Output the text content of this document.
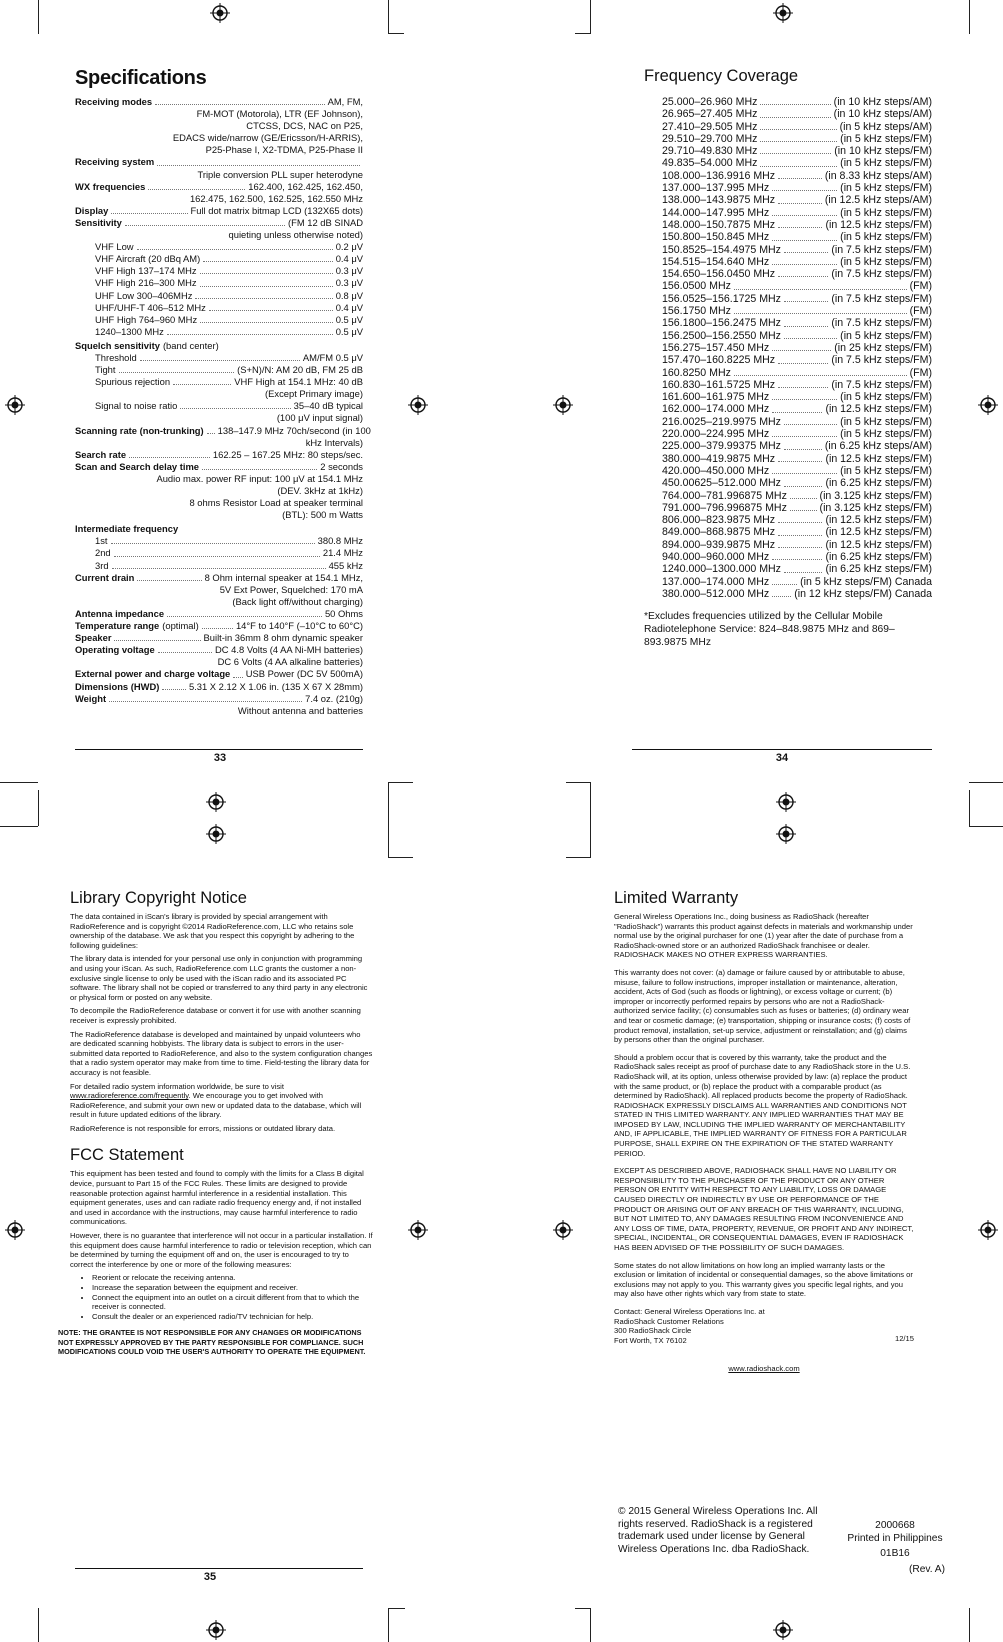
Specifications
Receiving modes	AM, FM,
FM-MOT (Motorola), LTR (EF Johnson),
CTCSS, DCS, NAC on P25,
EDACS wide/narrow (GE/Ericsson/H-ARRIS),
P25-Phase I, X2-TDMA, P25-Phase II
Receiving system
Triple conversion PLL super heterodyne
WX frequencies	162.400, 162.425, 162.450,
162.475, 162.500, 162.525, 162.550 MHz
Display	Full dot matrix bitmap LCD (132X65 dots)
Sensitivity	(FM 12 dB SINAD
quieting unless otherwise noted)
VHF Low	0.2 μV
VHF Aircraft (20 dBq AM)	0.4 μV
VHF High 137–174 MHz	0.3 μV
VHF High 216–300 MHz	0.3 μV
UHF Low 300–406MHz	0.8 μV
UHF/UHF-T 406–512 MHz	0.4 μV
UHF High 764–960 MHz	0.5 μV
1240–1300 MHz	0.5 μV
Squelch sensitivity (band center)
Threshold	AM/FM 0.5 μV
Tight	(S+N)/N: AM 20 dB, FM 25 dB
Spurious rejection	VHF High at 154.1 MHz: 40 dB
(Except Primary image)
Signal to noise ratio	35–40 dB typical
(100 μV input signal)
Scanning rate (non-trunking) 138–147.9 MHz 70ch/second (in 100
kHz Intervals)
Search rate	162.25 – 167.25 MHz: 80 steps/sec.
Scan and Search delay time	2 seconds
Audio max. power RF input: 100 μV at 154.1 MHz
(DEV. 3kHz at 1kHz)
8 ohms Resistor Load at speaker terminal
(BTL): 500 m Watts
Intermediate frequency
1st	380.8 MHz
2nd	21.4 MHz
3rd	455 kHz
Current drain	8 Ohm internal speaker at 154.1 MHz,
5V Ext Power, Squelched: 170 mA
(Back light off/without charging)
Antenna impedance	50 Ohms
Temperature range (optimal)	14°F to 140°F (–10°C to 60°C)
Speaker	Built-in 36mm 8 ohm dynamic speaker
Operating voltage	DC 4.8 Volts (4 AA Ni-MH batteries)
DC 6 Volts (4 AA alkaline batteries)
External power and charge voltage USB Power (DC 5V 500mA)
Dimensions (HWD)	5.31 X 2.12 X 1.06 in. (135 X 67 X 28mm)
Weight	7.4 oz. (210g)
Without antenna and batteries
33
Frequency Coverage
25.000–26.960 MHz	(in 10 kHz steps/AM)
26.965–27.405 MHz	(in 10 kHz steps/AM)
27.410–29.505 MHz	(in 5 kHz steps/AM)
29.510–29.700 MHz	(in 5 kHz steps/FM)
29.710–49.830 MHz	(in 10 kHz steps/FM)
49.835–54.000 MHz	(in 5 kHz steps/FM)
108.000–136.9916 MHz	(in 8.33 kHz steps/AM)
137.000–137.995 MHz	(in 5 kHz steps/FM)
138.000–143.9875 MHz	(in 12.5 kHz steps/AM)
144.000–147.995 MHz	(in 5 kHz steps/FM)
148.000–150.7875 MHz	(in 12.5 kHz steps/FM)
150.800–150.845 MHz	(in 5 kHz steps/FM)
150.8525–154.4975 MHz	(in 7.5 kHz steps/FM)
154.515–154.640 MHz	(in 5 kHz steps/FM)
154.650–156.0450 MHz	(in 7.5 kHz steps/FM)
156.0500 MHz	(FM)
156.0525–156.1725 MHz	(in 7.5 kHz steps/FM)
156.1750 MHz	(FM)
156.1800–156.2475 MHz	(in 7.5 kHz steps/FM)
156.2500–156.2550 MHz	(in 5 kHz steps/FM)
156.275–157.450 MHz	(in 25 kHz steps/FM)
157.470–160.8225 MHz	(in 7.5 kHz steps/FM)
160.8250 MHz	(FM)
160.830–161.5725 MHz	(in 7.5 kHz steps/FM)
161.600–161.975 MHz	(in 5 kHz steps/FM)
162.000–174.000 MHz	(in 12.5 kHz steps/FM)
216.0025–219.9975 MHz	(in 5 kHz steps/FM)
220.000–224.995 MHz	(in 5 kHz steps/FM)
225.000–379.99375 MHz	(in 6.25 kHz steps/AM)
380.000–419.9875 MHz	(in 12.5 kHz steps/FM)
420.000–450.000 MHz	(in 5 kHz steps/FM)
450.00625–512.000 MHz	(in 6.25 kHz steps/FM)
764.000–781.996875 MHz	(in 3.125 kHz steps/FM)
791.000–796.996875 MHz	(in 3.125 kHz steps/FM)
806.000–823.9875 MHz	(in 12.5 kHz steps/FM)
849.000–868.9875 MHz	(in 12.5 kHz steps/FM)
894.000–939.9875 MHz	(in 12.5 kHz steps/FM)
940.000–960.000 MHz	(in 6.25 kHz steps/FM)
1240.000–1300.000 MHz	(in 6.25 kHz steps/FM)
137.000–174.000 MHz	(in 5 kHz steps/FM) Canada
380.000–512.000 MHz (in 12 kHz steps/FM) Canada
*Excludes frequencies utilized by the Cellular Mobile Radiotelephone Service: 824–848.9875 MHz and 869–893.9875 MHz
34
Library Copyright Notice

The data contained in iScan's library is provided by special arrangement with RadioReference and is copyright ©2014 RadioReference.com, LLC who retains sole ownership of the database. We ask that you respect this copyright by adhering to the following guidelines:

The library data is intended for your personal use only in conjunction with programming and using your iScan. As such, RadioReference.com LLC grants the customer a non-exclusive single license to only be used with the iScan radio and its associated PC software. The library shall not be copied or transferred to any third party in any electronic or physical form or posted on any website.

To decompile the RadioReference database or convert it for use with another scanning receiver is expressly prohibited.

The RadioReference database is developed and maintained by unpaid volunteers who are dedicated scanning hobbyists. The library data is subject to errors in the user-submitted data reported to RadioReference, and also to the system configuration changes that a radio system operator may make from time to time. Field-testing the library data for accuracy is not feasible.

For detailed radio system information worldwide, be sure to visit
www.radioreference.com/frequently. We encourage you to get involved with RadioReference, and submit your own new or updated data to the database, which will result in future updated editions of the library.

RadioReference is not responsible for errors, missions or outdated library data.

FCC Statement

This equipment has been tested and found to comply with the limits for a Class B digital device, pursuant to Part 15 of the FCC Rules. These limits are designed to provide reasonable protection against harmful interference in a residential installation. This equipment generates, uses and can radiate radio frequency energy and, if not installed and used in accordance with the instructions, may cause harmful interference to radio communications.

However, there is no guarantee that interference will not occur in a particular installation. If this equipment does cause harmful interference to radio or television reception, which can be determined by turning the equipment off and on, the user is encouraged to try to correct the interference by one or more of the following measures:

• Reorient or relocate the receiving antenna.
• Increase the separation between the equipment and receiver.
• Connect the equipment into an outlet on a circuit different from that to which the receiver is connected.
• Consult the dealer or an experienced radio/TV technician for help.
NOTE: THE GRANTEE IS NOT RESPONSIBLE FOR ANY CHANGES OR MODIFICATIONS NOT EXPRESSLY APPROVED BY THE PARTY RESPONSIBLE FOR COMPLIANCE. SUCH MODIFICATIONS COULD VOID THE USER'S AUTHORITY TO OPERATE THE EQUIPMENT.
35
Limited Warranty

General Wireless Operations Inc., doing business as RadioShack (hereafter "RadioShack") warrants this product against defects in materials and workmanship under normal use by the original purchaser for one (1) year after the date of purchase from a RadioShack-owned store or an authorized RadioShack franchisee or dealer. RADIOSHACK MAKES NO OTHER EXPRESS WARRANTIES.

This warranty does not cover: (a) damage or failure caused by or attributable to abuse, misuse, failure to follow instructions, improper installation or maintenance, alteration, accident, Acts of God (such as floods or lightning), or excess voltage or current; (b) improper or incorrectly performed repairs by persons who are not a RadioShack-authorized service facility; (c) consumables such as fuses or batteries; (d) ordinary wear and tear or cosmetic damage; (e) transportation, shipping or insurance costs; (f) costs of product removal, installation, set-up service, adjustment or reinstallation; and (g) claims by persons other than the original purchaser.

Should a problem occur that is covered by this warranty, take the product and the RadioShack sales receipt as proof of purchase date to any RadioShack store in the U.S. RadioShack will, at its option, unless otherwise provided by law: (a) replace the product with the same product, or (b) replace the product with a comparable product (as determined by RadioShack). All replaced products become the property of RadioShack. RADIOSHACK EXPRESSLY DISCLAIMS ALL WARRANTIES AND CONDITIONS NOT STATED IN THIS LIMITED WARRANTY. ANY IMPLIED WARRANTIES THAT MAY BE IMPOSED BY LAW, INCLUDING THE IMPLIED WARRANTY OF MERCHANTABILITY AND, IF APPLICABLE, THE IMPLIED WARRANTY OF FITNESS FOR A PARTICULAR PURPOSE, SHALL EXPIRE ON THE EXPIRATION OF THE STATED WARRANTY PERIOD.

EXCEPT AS DESCRIBED ABOVE, RADIOSHACK SHALL HAVE NO LIABILITY OR RESPONSIBILITY TO THE PURCHASER OF THE PRODUCT OR ANY OTHER PERSON OR ENTITY WITH RESPECT TO ANY LIABILITY, LOSS OR DAMAGE CAUSED DIRECTLY OR INDIRECTLY BY USE OR PERFORMANCE OF THE PRODUCT OR ARISING OUT OF ANY BREACH OF THIS WARRANTY, INCLUDING, BUT NOT LIMITED TO, ANY DAMAGES RESULTING FROM INCONVENIENCE AND ANY LOSS OF TIME, DATA, PROPERTY, REVENUE, OR PROFIT AND ANY INDIRECT, SPECIAL, INCIDENTAL, OR CONSEQUENTIAL DAMAGES, EVEN IF RADIOSHACK HAS BEEN ADVISED OF THE POSSIBILITY OF SUCH DAMAGES.

Some states do not allow limitations on how long an implied warranty lasts or the exclusion or limitation of incidental or consequential damages, so the above limitations or exclusions may not apply to you. This warranty gives you specific legal rights, and you may also have other rights which vary from state to state.

Contact: General Wireless Operations Inc. at
RadioShack Customer Relations
300 RadioShack Circle
Fort Worth, TX 76102	12/15
www.radioshack.com
© 2015 General Wireless Operations Inc. All rights reserved. RadioShack is a registered trademark used under license by General Wireless Operations Inc. dba RadioShack.
2000668
Printed in Philippines
01B16
(Rev. A)
